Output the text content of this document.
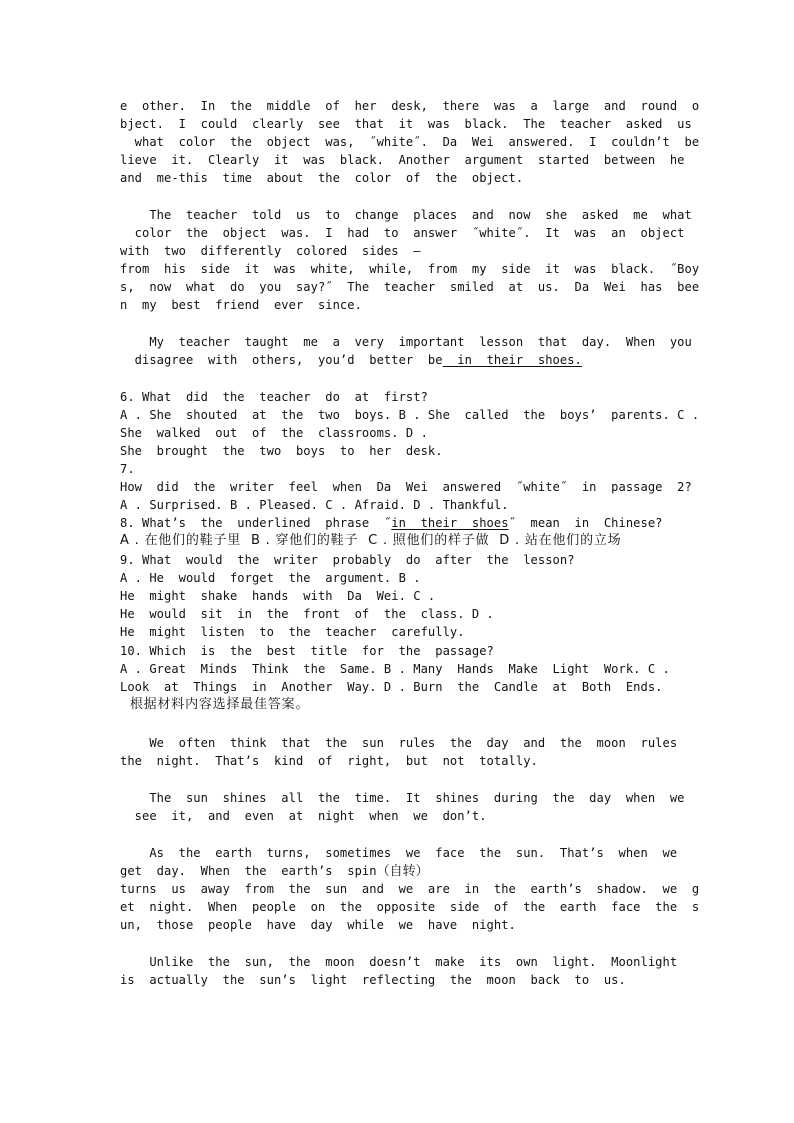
e  other.  In  the  middle  of  her  desk,  there  was  a  large  and  round  o
bject.  I  could  clearly  see  that  it  was  black.  The  teacher  asked  us
what  color  the  object  was,  ˝white˝.  Da  Wei  answered.  I  couldn’t  be
lieve  it.  Clearly  it  was  black.  Another  argument  started  between  he
and  me-this  time  about  the  color  of  the  object.
The  teacher  told  us  to  change  places  and  now  she  asked  me  what
color  the  object  was.  I  had  to  answer  ˝white˝.  It  was  an  object
with  two  differently  colored  sides  –
from  his  side  it  was  white,  while,  from  my  side  it  was  black.  ˝Boy
s,  now  what  do  you  say?˝  The  teacher  smiled  at  us.  Da  Wei  has  bee
n  my  best  friend  ever  since.
My  teacher  taught  me  a  very  important  lesson  that  day.  When  you
disagree  with  others,  you’d  better  be  in  their  shoes.
6. What  did  the  teacher  do  at  first?
A . She  shouted  at  the  two  boys. B . She  called  the  boys’  parents. C .
She  walked  out  of  the  classrooms. D .
She  brought  the  two  boys  to  her  desk.
7.
How  did  the  writer  feel  when  Da  Wei  answered  ˝white˝  in  passage  2?
A . Surprised. B . Pleased. C . Afraid. D . Thankful.
8. What’s  the  underlined  phrase  ˝in  their  shoes˝  mean  in  Chinese?
A . 在他们的鞋子里  B . 穿他们的鞋子  C . 照他们的样子做  D . 站在他们的立场
9. What  would  the  writer  probably  do  after  the  lesson?
A . He  would  forget  the  argument. B .
He  might  shake  hands  with  Da  Wei. C .
He  would  sit  in  the  front  of  the  class. D .
He  might  listen  to  the  teacher  carefully.
10. Which  is  the  best  title  for  the  passage?
A . Great  Minds  Think  the  Same. B . Many  Hands  Make  Light  Work. C .
Look  at  Things  in  Another  Way. D . Burn  the  Candle  at  Both  Ends.
根据材料内容选择最佳答案。
We  often  think  that  the  sun  rules  the  day  and  the  moon  rules
the  night.  That’s  kind  of  right,  but  not  totally.
The  sun  shines  all  the  time.  It  shines  during  the  day  when  we
see  it,  and  even  at  night  when  we  don’t.
As  the  earth  turns,  sometimes  we  face  the  sun.  That’s  when  we
get  day.  When  the  earth’s  spin（自转）
turns  us  away  from  the  sun  and  we  are  in  the  earth’s  shadow.  we  g
et  night.  When  people  on  the  opposite  side  of  the  earth  face  the  s
un,  those  people  have  day  while  we  have  night.
Unlike  the  sun,  the  moon  doesn’t  make  its  own  light.  Moonlight
is  actually  the  sun’s  light  reflecting  the  moon  back  to  us.
